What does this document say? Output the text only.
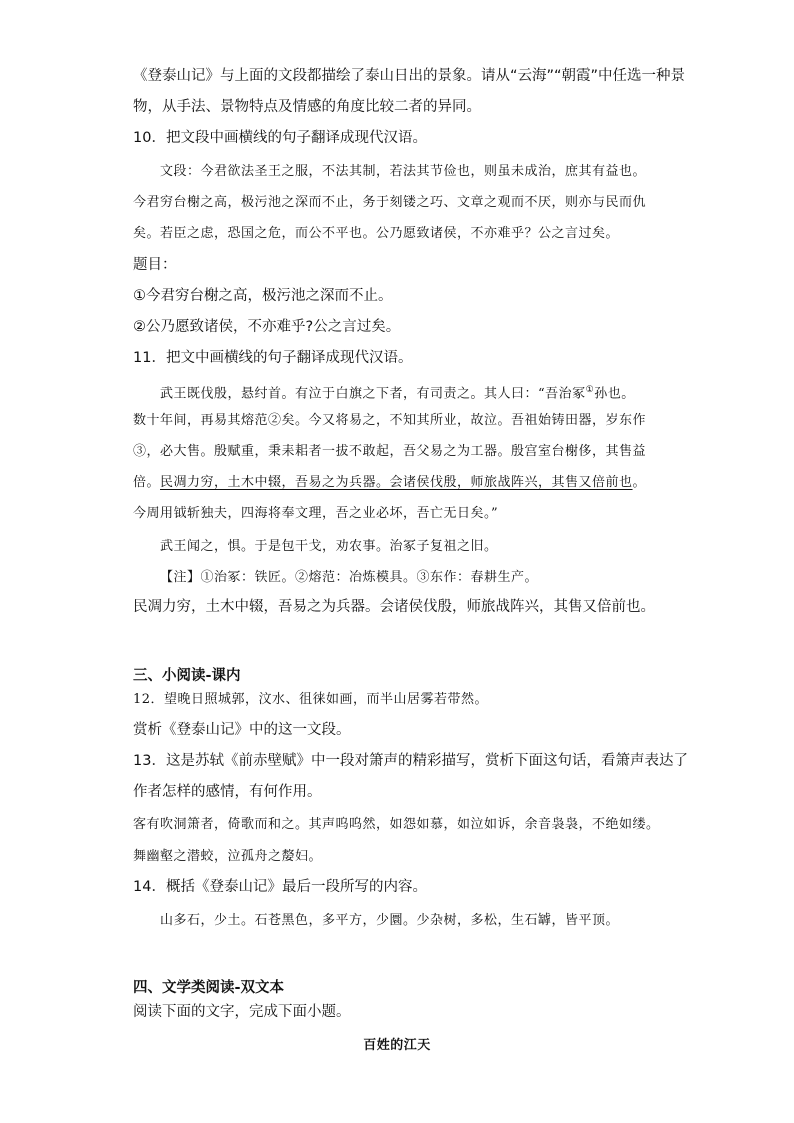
《登泰山记》与上面的文段都描绘了泰山日出的景象。请从“云海”“朝霞”中任选一种景
物，从手法、景物特点及情感的角度比较二者的异同。
10．把文段中画横线的句子翻译成现代汉语。
文段：今君欲法圣王之服，不法其制，若法其节俭也，则虽未成治，庶其有益也。
今君穷台榭之高，极污池之深而不止，务于刻镂之巧、文章之观而不厌，则亦与民而仇
矣。若臣之虑，恐国之危，而公不平也。公乃愿致诸侯，不亦难乎？公之言过矣。
题目：
①今君穷台榭之高，极污池之深而不止。
②公乃愿致诸侯，不亦难乎?公之言过矣。
11．把文中画横线的句子翻译成现代汉语。
武王既伐殷，悬纣首。有泣于白旗之下者，有司责之。其人曰：“吾治冢①孙也。
数十年间，再易其熔范②矣。今又将易之，不知其所业，故泣。吾祖始铸田器，岁东作
③，必大售。殷赋重，秉耒耜者一拔不敢起，吾父易之为工器。殷宫室台榭侈，其售益
倍。民凋力穷，土木中辍，吾易之为兵器。会诸侯伐殷，师旅战阵兴，其售又倍前也。
今周用钺斩独夫，四海将奉文理，吾之业必坏，吾亡无日矣。”
武王闻之，惧。于是包干戈，劝农事。治冢子复祖之旧。
【注】①治冢：铁匠。②熔范：冶炼模具。③东作：春耕生产。
民凋力穷，土木中辍，吾易之为兵器。会诸侯伐殷，师旅战阵兴，其售又倍前也。
三、小阅读-课内
12．望晚日照城郭，汶水、徂徕如画，而半山居雾若带然。
赏析《登泰山记》中的这一文段。
13．这是苏轼《前赤壁赋》中一段对箫声的精彩描写，赏析下面这句话，看箫声表达了
作者怎样的感情，有何作用。
客有吹洞箫者，倚歌而和之。其声呜呜然，如怨如慕，如泣如诉，余音袅袅，不绝如缕。
舞幽壑之潜蛟，泣孤舟之嫠妇。
14．概括《登泰山记》最后一段所写的内容。
山多石，少土。石苍黑色，多平方，少圜。少杂树，多松，生石罅，皆平顶。
四、文学类阅读-双文本
阅读下面的文字，完成下面小题。
百姓的江天
